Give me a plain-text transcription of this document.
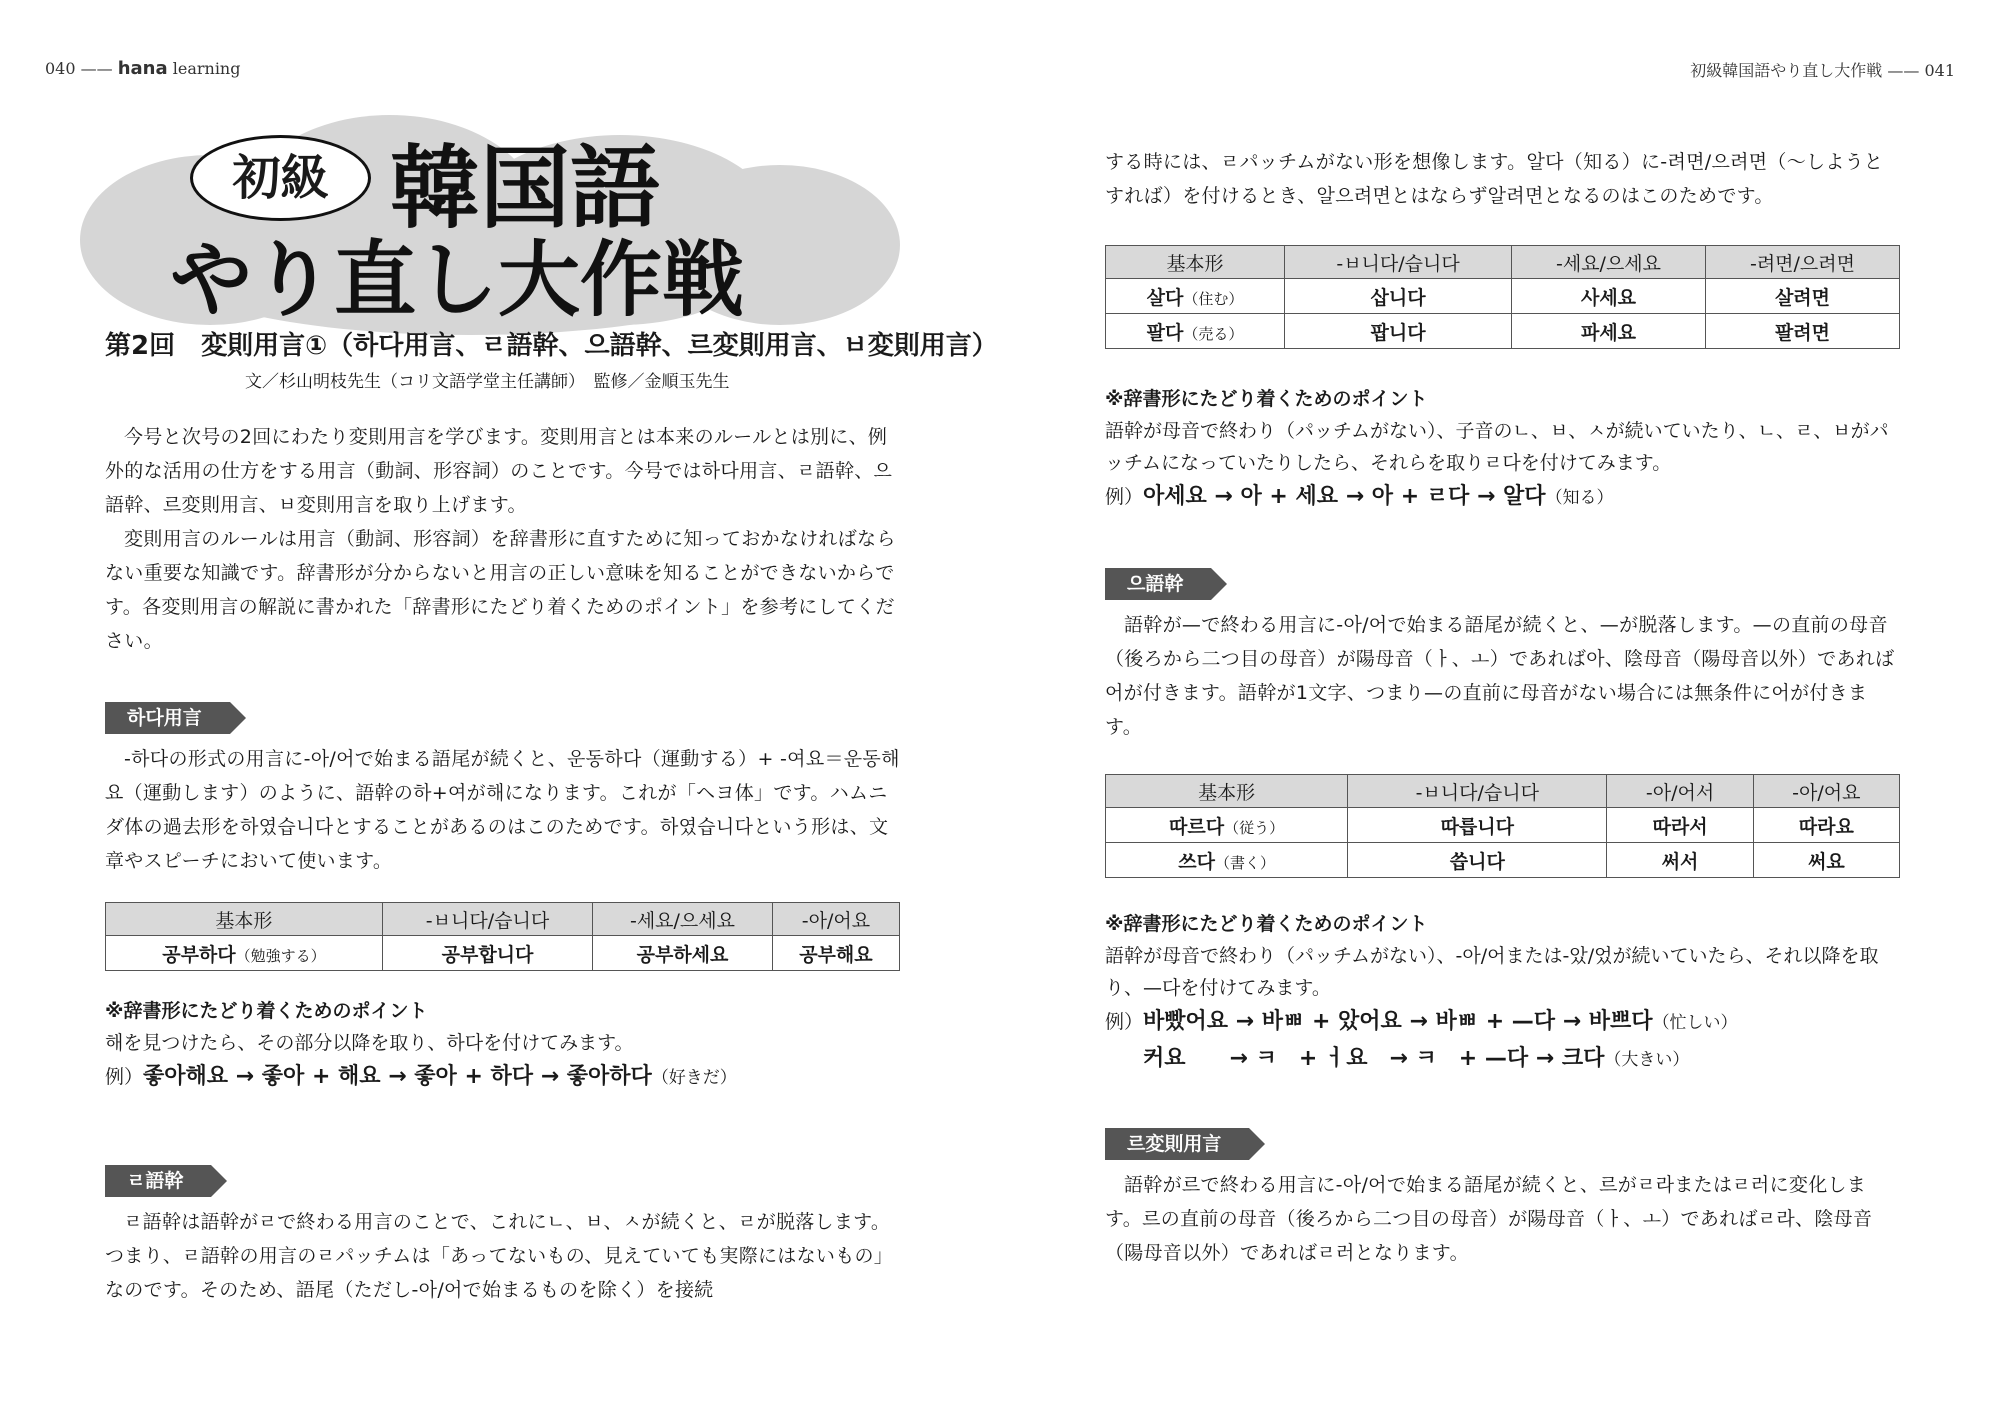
040 —— hana learning
初級 韓国語
やり直し大作戦
第2回　変則用言①（하다用言、ㄹ語幹、으語幹、르変則用言、ㅂ変則用言）
文／杉山明枝先生（コリ文語学堂主任講師）　監修／金順玉先生

今号と次号の2回にわたり変則用言を学びます。変則用言とは本来のルールとは別に、例外的な活用の仕方をする用言（動詞、形容詞）のことです。今号では하다用言、ㄹ語幹、으語幹、르変則用言、ㅂ変則用言を取り上げます。

変則用言のルールは用言（動詞、形容詞）を辞書形に直すために知っておかなければならない重要な知識です。辞書形が分からないと用言の正しい意味を知ることができないからです。各変則用言の解説に書かれた「辞書形にたどり着くためのポイント」を参考にしてください。

하다用言

-하다の形式の用言に-아/어で始まる語尾が続くと、운동하다（運動する）+ -여요＝운동해요（運動します）のように、語幹の하+여が해になります。これが「ヘヨ体」です。ハムニダ体の過去形を하였습니다とすることがあるのはこのためです。하였습니다という形は、文章やスピーチにおいて使います。

基本形	-ㅂ니다/습니다	-세요/으세요	-아/어요
공부하다（勉強する）	공부합니다	공부하세요	공부해요

※辞書形にたどり着くためのポイント

해を見つけたら、その部分以降を取り、하다を付けてみます。

例）좋아해요 → 좋아 + 해요 → 좋아 + 하다 → 좋아하다（好きだ）

ㄹ語幹

ㄹ語幹は語幹がㄹで終わる用言のことで、これにㄴ、ㅂ、ㅅが続くと、ㄹが脱落します。つまり、ㄹ語幹の用言のㄹパッチムは「あってないもの、見えていても実際にはないもの」なのです。そのため、語尾（ただし-아/어で始まるものを除く）を接続

初級韓国語やり直し大作戦 —— 041

する時には、ㄹパッチムがない形を想像します。알다（知る）に-려면/으려면（～しようとすれば）を付けるとき、알으려면とはならず알려면となるのはこのためです。

基本形	-ㅂ니다/습니다	-세요/으세요	-려면/으려면
살다（住む）	삽니다	사세요	살려면
팔다（売る）	팝니다	파세요	팔려면

※辞書形にたどり着くためのポイント

語幹が母音で終わり（パッチムがない）、子音のㄴ、ㅂ、ㅅが続いていたり、ㄴ、ㄹ、ㅂがパッチムになっていたりしたら、それらを取りㄹ다を付けてみます。

例）아세요 → 아 + 세요 → 아 + ㄹ다 → 알다（知る）

으語幹

語幹が—で終わる用言に-아/어で始まる語尾が続くと、—が脱落します。—の直前の母音（後ろから二つ目の母音）が陽母音（ㅏ、ㅗ）であれば아、陰母音（陽母音以外）であれば어が付きます。語幹が1文字、つまり—の直前に母音がない場合には無条件に어が付きます。

基本形	-ㅂ니다/습니다	-아/어서	-아/어요
따르다（従う）	따릅니다	따라서	따라요
쓰다（書く）	씁니다	써서	써요

※辞書形にたどり着くためのポイント

語幹が母音で終わり（パッチムがない）、-아/어または-았/었が続いていたら、それ以降を取り、—다を付けてみます。

例）바빴어요 → 바ㅃ + 았어요 → 바ㅃ + —다 → 바쁘다（忙しい）

커요　　→ ㅋ　+ ㅓ요　→ ㅋ　+ —다 → 크다（大きい）

르変則用言

語幹が르で終わる用言に-아/어で始まる語尾が続くと、르がㄹ라またはㄹ러に変化します。르の直前の母音（後ろから二つ目の母音）が陽母音（ㅏ、ㅗ）であればㄹ라、陰母音（陽母音以外）であればㄹ러となります。
